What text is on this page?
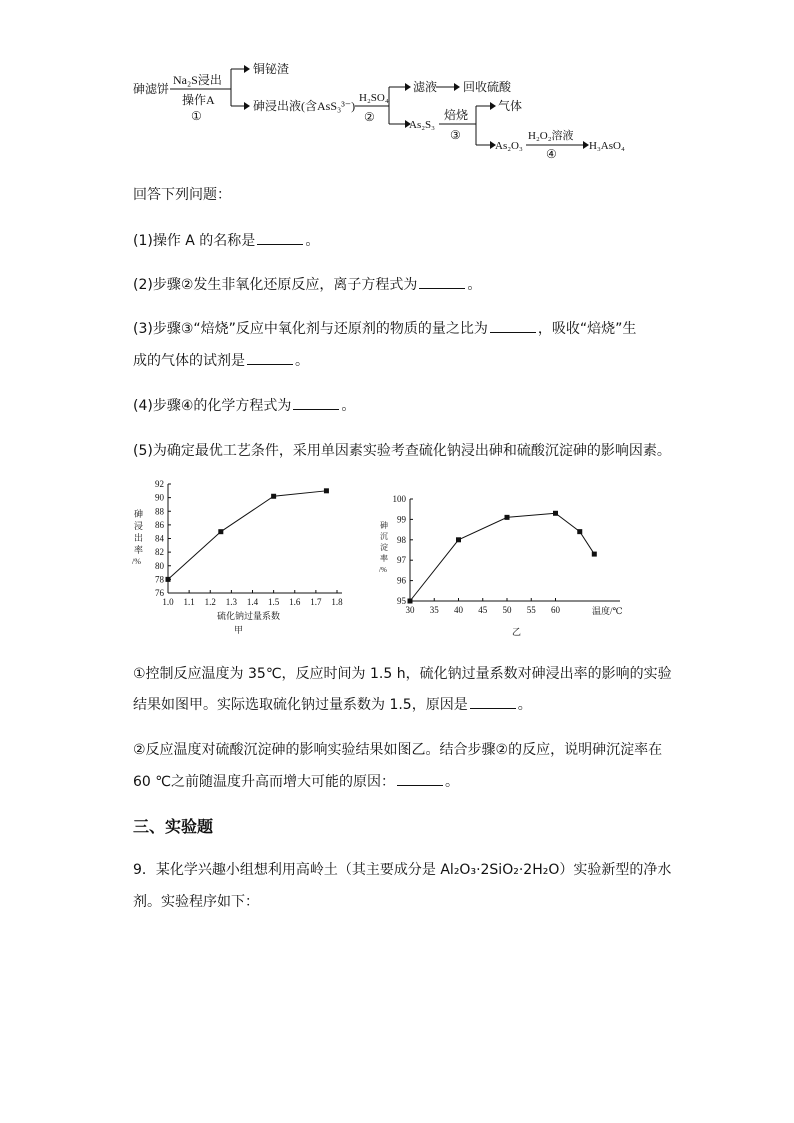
砷滤饼
Na₂S浸出
操作A
①
铜铋渣
砷浸出液(含AsS₃³⁻)
H₂SO₄
②
滤液 回收硫酸
As₂S₃
焙烧
③
气体
As₂O₃
H₂O₂溶液
④
H₃AsO₄
回答下列问题：
(1)操作 A 的名称是	。
(2)步骤②发生非氧化还原反应，离子方程式为	。
(3)步骤③“焙烧”反应中氧化剂与还原剂的物质的量之比为	，吸收“焙烧”生
成的气体的试剂是	。
(4)步骤④的化学方程式为	。
(5)为确定最优工艺条件，采用单因素实验考查硫化钠浸出砷和硫酸沉淀砷的影响因素。
1.0 1.1 1.2 1.3 1.4 1.5 1.6 1.7 1.8
76
78
80
82
84
86
88
90
92
砷
浸
出
率
/%
硫化钠过量系数
甲
30 35 40 45 50 55 60
95
96
97
98
99
100
砷
沉
淀
率
/%
温度/℃
乙
①控制反应温度为 35℃，反应时间为 1.5 h，硫化钠过量系数对砷浸出率的影响的实验
结果如图甲。实际选取硫化钠过量系数为 1.5，原因是	。
②反应温度对硫酸沉淀砷的影响实验结果如图乙。结合步骤②的反应，说明砷沉淀率在
60 ℃之前随温度升高而增大可能的原因：	。
三、实验题
9．某化学兴趣小组想利用高岭土（其主要成分是 Al₂O₃·2SiO₂·2H₂O）实验新型的净水
剂。实验程序如下：
